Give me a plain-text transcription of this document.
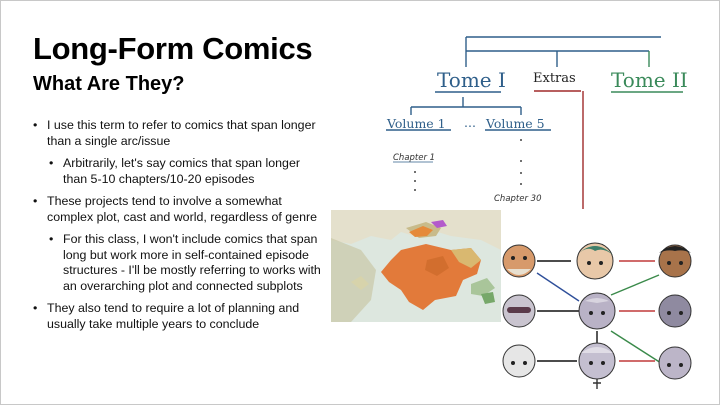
Long-Form Comics
What Are They?
• I use this term to refer to comics that span longer than a single arc/issue
• Arbitrarily, let's say comics that span longer than 5-10 chapters/10-20 episodes
• These projects tend to involve a somewhat complex plot, cast and world, regardless of genre
• For this class, I won't include comics that span long but work more in self-contained episode structures - I'll be mostly referring to works with an overarching plot and connected subplots
• They also tend to require a lot of planning and usually take multiple years to conclude
Tome I Extras Tome II
Volume 1 ... Volume 5
Chapter 1
Chapter 30
